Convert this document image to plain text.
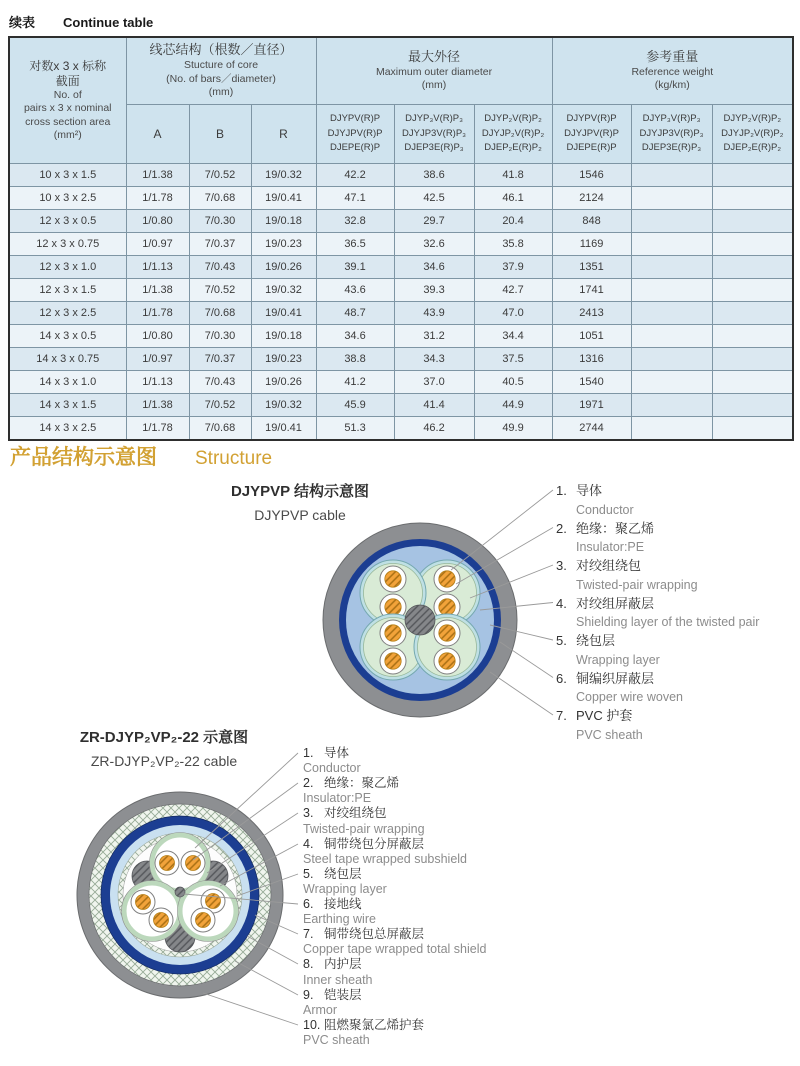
续表 Continue table
对数x 3 x 标称
截面
No. of
pairs x 3 x nominal
cross section area
(mm²)

线芯结构（根数／直径）
Stucture of core
(No. of bars／diameter)
(mm)

最大外径
Maximum outer diameter
(mm)

参考重量
Reference weight
(kg/km)

A	B	R	
DJYPV(R)P
DJYJPV(R)P
DJEPE(R)P

DJYP₃V(R)P₃
DJYJP3V(R)P₃
DJEP3E(R)P₃

DJYP₂V(R)P₂
DJYJP₂V(R)P₂
DJEP₂E(R)P₂

DJYPV(R)P
DJYJPV(R)P
DJEPE(R)P

DJYP₃V(R)P₃
DJYJP3V(R)P₃
DJEP3E(R)P₃

DJYP₂V(R)P₂
DJYJP₂V(R)P₂
DJEP₂E(R)P₂

10 x 3 x 1.5	1/1.38	7/0.52	19/0.32	42.2	38.6	41.8	1546		
10 x 3 x 2.5	1/1.78	7/0.68	19/0.41	47.1	42.5	46.1	2124		
12 x 3 x 0.5	1/0.80	7/0.30	19/0.18	32.8	29.7	20.4	848		
12 x 3 x 0.75	1/0.97	7/0.37	19/0.23	36.5	32.6	35.8	1169		
12 x 3 x 1.0	1/1.13	7/0.43	19/0.26	39.1	34.6	37.9	1351		
12 x 3 x 1.5	1/1.38	7/0.52	19/0.32	43.6	39.3	42.7	1741		
12 x 3 x 2.5	1/1.78	7/0.68	19/0.41	48.7	43.9	47.0	2413		
14 x 3 x 0.5	1/0.80	7/0.30	19/0.18	34.6	31.2	34.4	1051		
14 x 3 x 0.75	1/0.97	7/0.37	19/0.23	38.8	34.3	37.5	1316		
14 x 3 x 1.0	1/1.13	7/0.43	19/0.26	41.2	37.0	40.5	1540		
14 x 3 x 1.5	1/1.38	7/0.52	19/0.32	45.9	41.4	44.9	1971		
14 x 3 x 2.5	1/1.78	7/0.68	19/0.41	51.3	46.2	49.9	2744		
产品结构示意图 Structure
DJYPVP 结构示意图
DJYPVP cable
1. 导体
Conductor
2. 绝缘：聚乙烯
Insulator:PE
3. 对绞组绕包
Twisted-pair wrapping
4. 对绞组屏蔽层
Shielding layer of the twisted pair
5. 绕包层
Wrapping layer
6. 铜编织屏蔽层
Copper wire woven
7. PVC 护套
PVC sheath
ZR-DJYP₂VP₂-22 示意图
ZR-DJYP₂VP₂-22 cable	1. 导体
Conductor
2. 绝缘：聚乙烯
Insulator:PE
3. 对绞组绕包
Twisted-pair wrapping
4. 铜带绕包分屏蔽层
Steel tape wrapped subshield
5. 绕包层
Wrapping layer
6. 接地线
Earthing wire
7. 铜带绕包总屏蔽层
Copper tape wrapped total shield
8. 内护层
Inner sheath
9. 铠装层
Armor
10. 阻燃聚氯乙烯护套
PVC sheath
